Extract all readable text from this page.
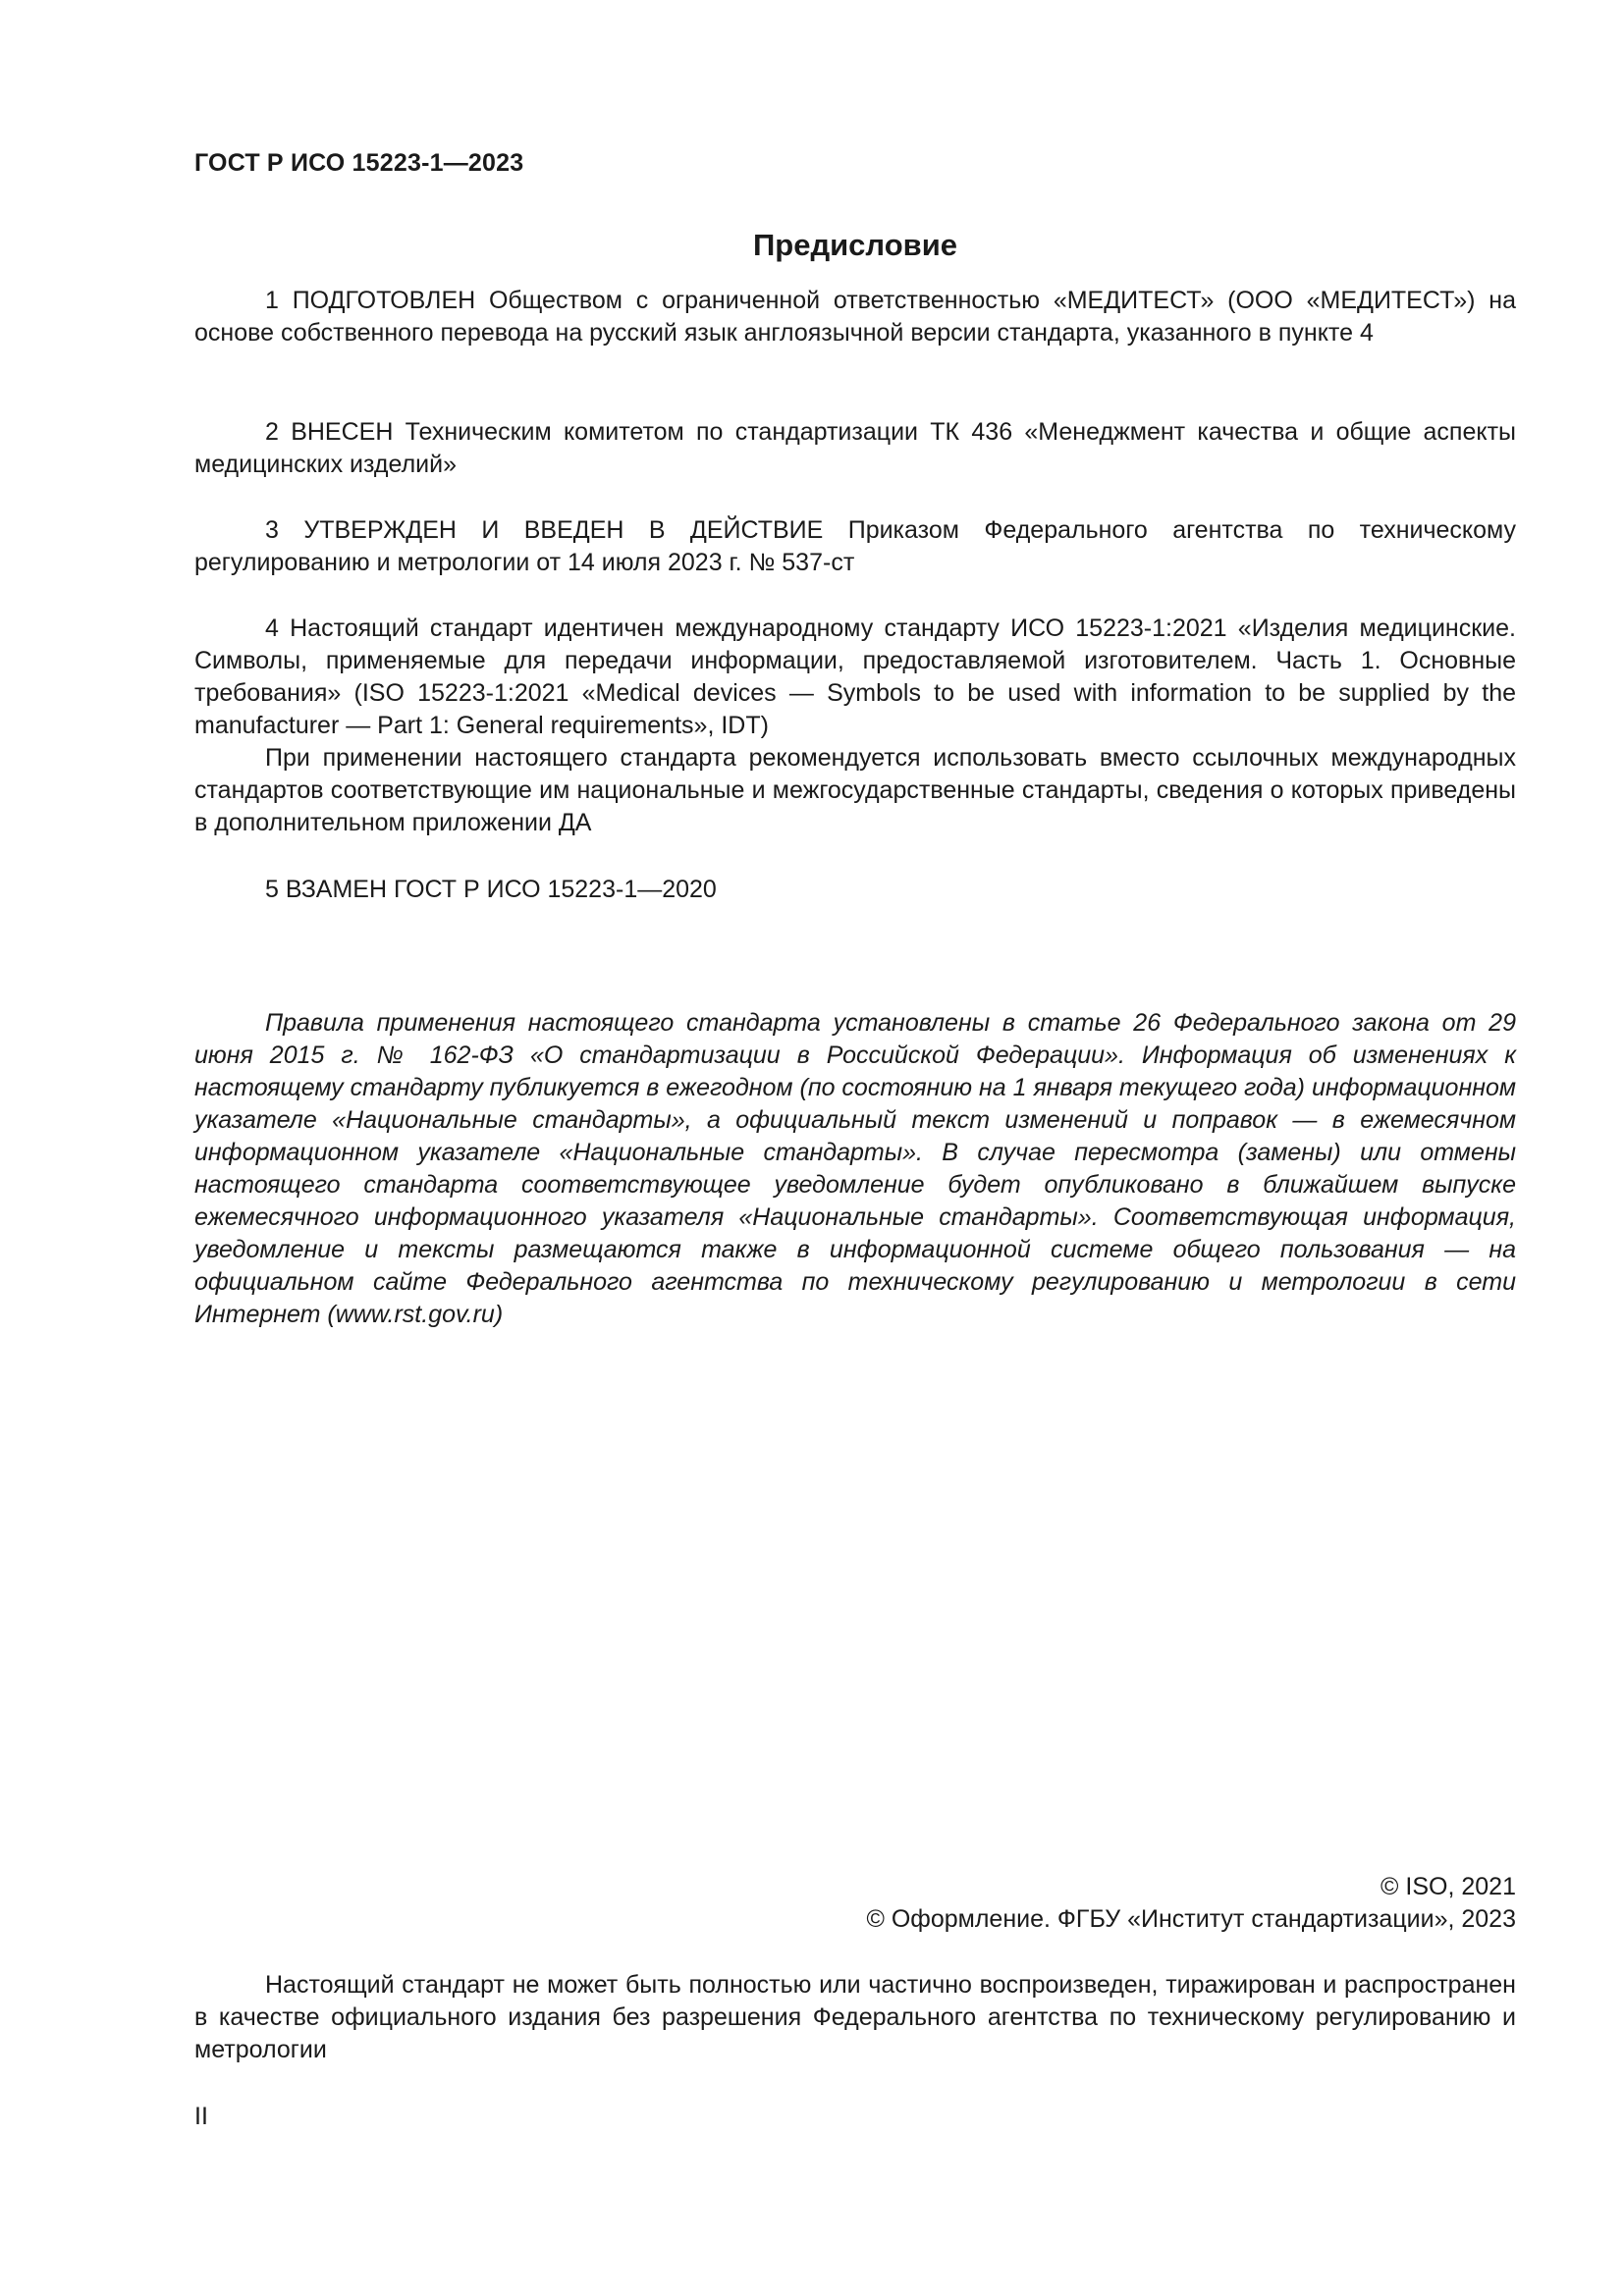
ГОСТ Р ИСО 15223-1—2023
Предисловие

1 ПОДГОТОВЛЕН Обществом с ограниченной ответственностью «МЕДИТЕСТ» (ООО «МЕДИТЕСТ») на основе собственного перевода на русский язык англоязычной версии стандарта, указанного в пункте 4

2 ВНЕСЕН Техническим комитетом по стандартизации ТК 436 «Менеджмент качества и общие аспекты медицинских изделий»

3 УТВЕРЖДЕН И ВВЕДЕН В ДЕЙСТВИЕ Приказом Федерального агентства по техническому регулированию и метрологии от 14 июля 2023 г. № 537-ст

4 Настоящий стандарт идентичен международному стандарту ИСО 15223-1:2021 «Изделия медицинские. Символы, применяемые для передачи информации, предоставляемой изготовителем. Часть 1. Основные требования» (ISO 15223-1:2021 «Medical devices — Symbols to be used with information to be supplied by the manufacturer — Part 1: General requirements», IDT)

При применении настоящего стандарта рекомендуется использовать вместо ссылочных международных стандартов соответствующие им национальные и межгосударственные стандарты, сведения о которых приведены в дополнительном приложении ДА

5 ВЗАМЕН ГОСТ Р ИСО 15223-1—2020

Правила применения настоящего стандарта установлены в статье 26 Федерального закона от 29 июня 2015 г. № 162-ФЗ «О стандартизации в Российской Федерации». Информация об изменениях к настоящему стандарту публикуется в ежегодном (по состоянию на 1 января текущего года) информационном указателе «Национальные стандарты», а официальный текст изменений и поправок — в ежемесячном информационном указателе «Национальные стандарты». В случае пересмотра (замены) или отмены настоящего стандарта соответствующее уведомление будет опубликовано в ближайшем выпуске ежемесячного информационного указателя «Национальные стандарты». Соответствующая информация, уведомление и тексты размещаются также в информационной системе общего пользования — на официальном сайте Федерального агентства по техническому регулированию и метрологии в сети Интернет (www.rst.gov.ru)

© ISO, 2021
© Оформление. ФГБУ «Институт стандартизации», 2023

Настоящий стандарт не может быть полностью или частично воспроизведен, тиражирован и распространен в качестве официального издания без разрешения Федерального агентства по техническому регулированию и метрологии

II
